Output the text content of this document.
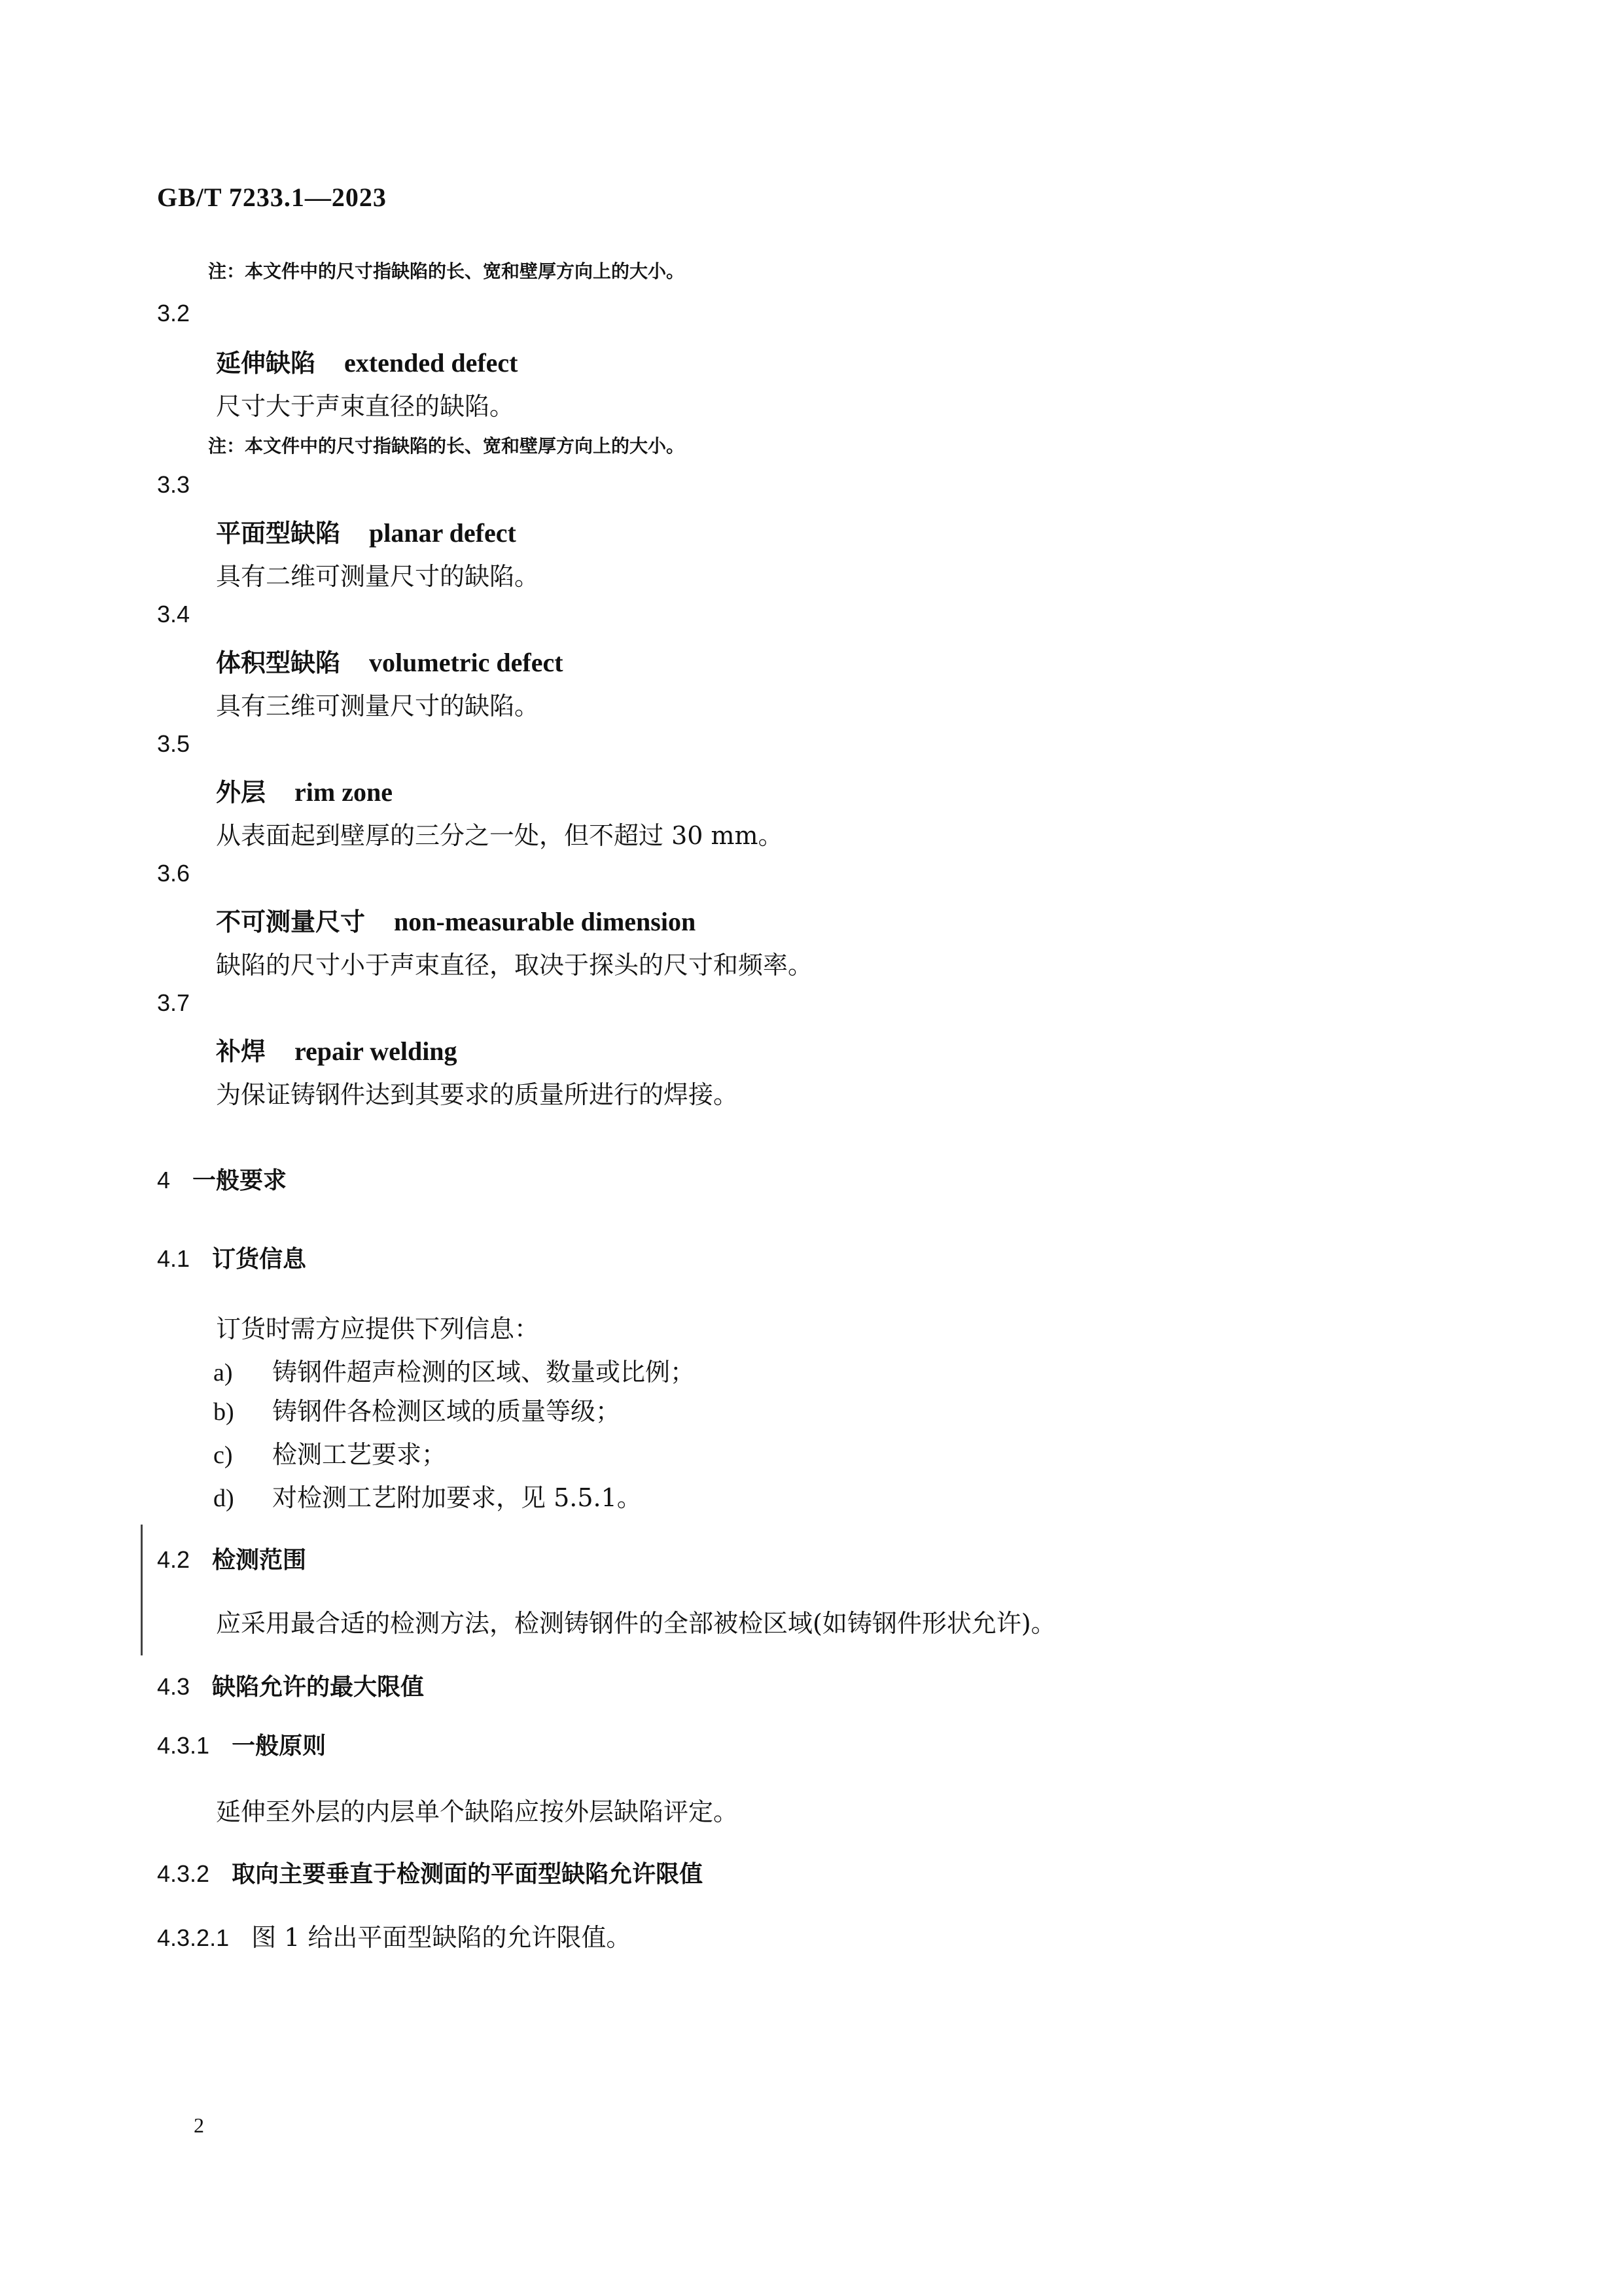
GB/T 7233.1—2023
注：本文件中的尺寸指缺陷的长、宽和壁厚方向上的大小。
3.2
延伸缺陷 extended defect
尺寸大于声束直径的缺陷。
注：本文件中的尺寸指缺陷的长、宽和壁厚方向上的大小。
3.3
平面型缺陷 planar defect
具有二维可测量尺寸的缺陷。
3.4
体积型缺陷 volumetric defect
具有三维可测量尺寸的缺陷。
3.5
外层 rim zone
从表面起到壁厚的三分之一处，但不超过 30 mm。
3.6
不可测量尺寸 non-measurable dimension
缺陷的尺寸小于声束直径，取决于探头的尺寸和频率。
3.7
补焊 repair welding
为保证铸钢件达到其要求的质量所进行的焊接。
4 一般要求
4.1 订货信息
订货时需方应提供下列信息：
a) 铸钢件超声检测的区域、数量或比例；
b) 铸钢件各检测区域的质量等级；
c) 检测工艺要求；
d) 对检测工艺附加要求，见 5.5.1。
4.2 检测范围
应采用最合适的检测方法，检测铸钢件的全部被检区域(如铸钢件形状允许)。
4.3 缺陷允许的最大限值
4.3.1 一般原则
延伸至外层的内层单个缺陷应按外层缺陷评定。
4.3.2 取向主要垂直于检测面的平面型缺陷允许限值
4.3.2.1 图 1 给出平面型缺陷的允许限值。
2
